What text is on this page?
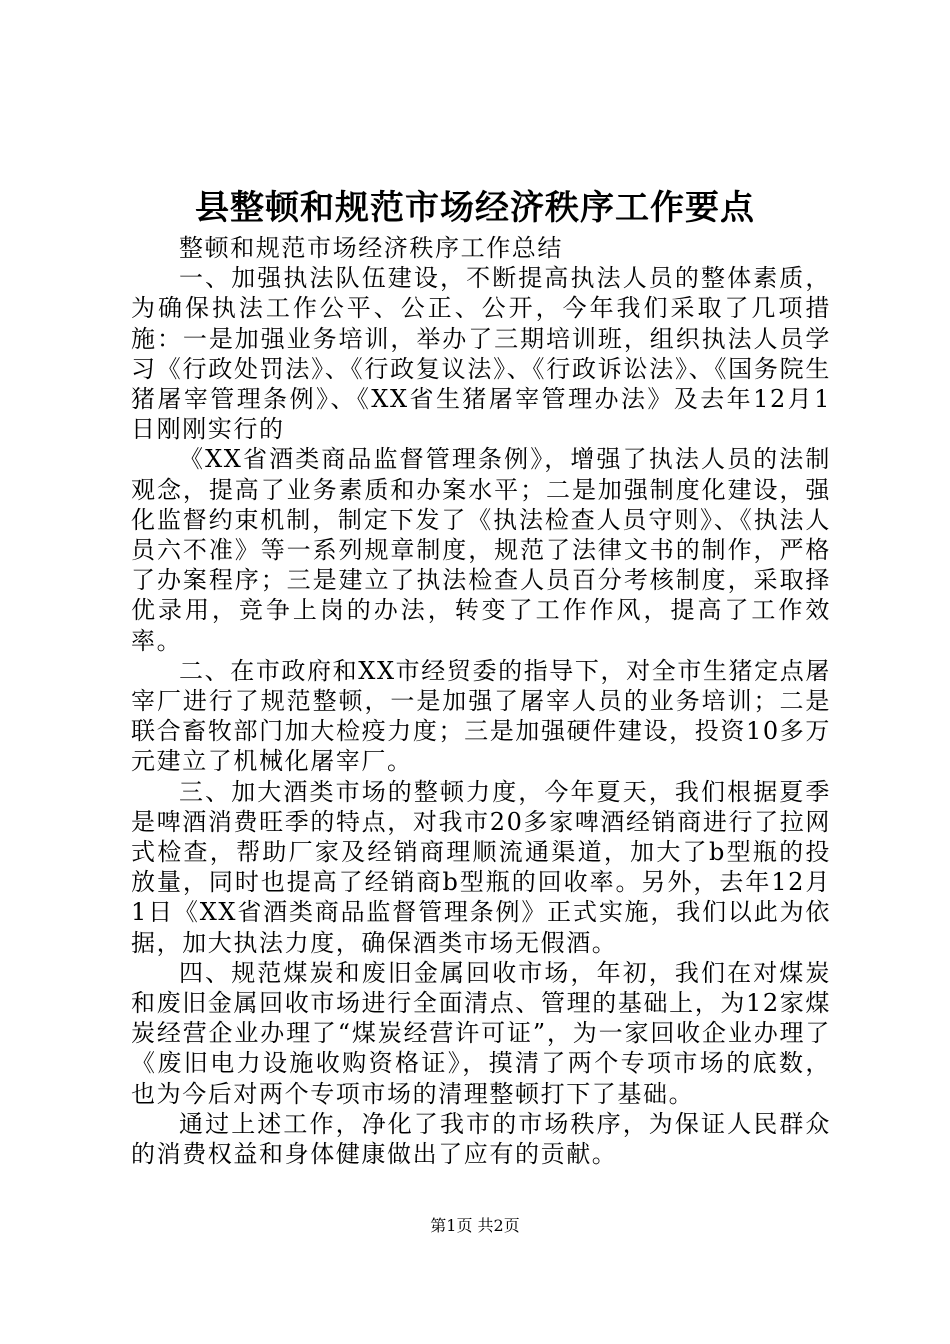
县整顿和规范市场经济秩序工作要点

整顿和规范市场经济秩序工作总结

一、加强执法队伍建设，不断提高执法人员的整体素质，为确保执法工作公平、公正、公开，今年我们采取了几项措施：一是加强业务培训，举办了三期培训班，组织执法人员学习《行政处罚法》、《行政复议法》、《行政诉讼法》、《国务院生猪屠宰管理条例》、《XX省生猪屠宰管理办法》及去年12月1日刚刚实行的

《XX省酒类商品监督管理条例》，增强了执法人员的法制观念，提高了业务素质和办案水平；二是加强制度化建设，强化监督约束机制，制定下发了《执法检查人员守则》、《执法人员六不准》等一系列规章制度，规范了法律文书的制作，严格了办案程序；三是建立了执法检查人员百分考核制度，采取择优录用，竞争上岗的办法，转变了工作作风，提高了工作效率。

二、在市政府和XX市经贸委的指导下，对全市生猪定点屠宰厂进行了规范整顿，一是加强了屠宰人员的业务培训；二是联合畜牧部门加大检疫力度；三是加强硬件建设，投资10多万元建立了机械化屠宰厂。

三、加大酒类市场的整顿力度，今年夏天，我们根据夏季是啤酒消费旺季的特点，对我市20多家啤酒经销商进行了拉网式检查，帮助厂家及经销商理顺流通渠道，加大了b型瓶的投放量，同时也提高了经销商b型瓶的回收率。另外，去年12月1日《XX省酒类商品监督管理条例》正式实施，我们以此为依据，加大执法力度，确保酒类市场无假酒。

四、规范煤炭和废旧金属回收市场，年初，我们在对煤炭和废旧金属回收市场进行全面清点、管理的基础上，为12家煤炭经营企业办理了“煤炭经营许可证”，为一家回收企业办理了《废旧电力设施收购资格证》，摸清了两个专项市场的底数，也为今后对两个专项市场的清理整顿打下了基础。

通过上述工作，净化了我市的市场秩序，为保证人民群众的消费权益和身体健康做出了应有的贡献。

第1页 共2页
